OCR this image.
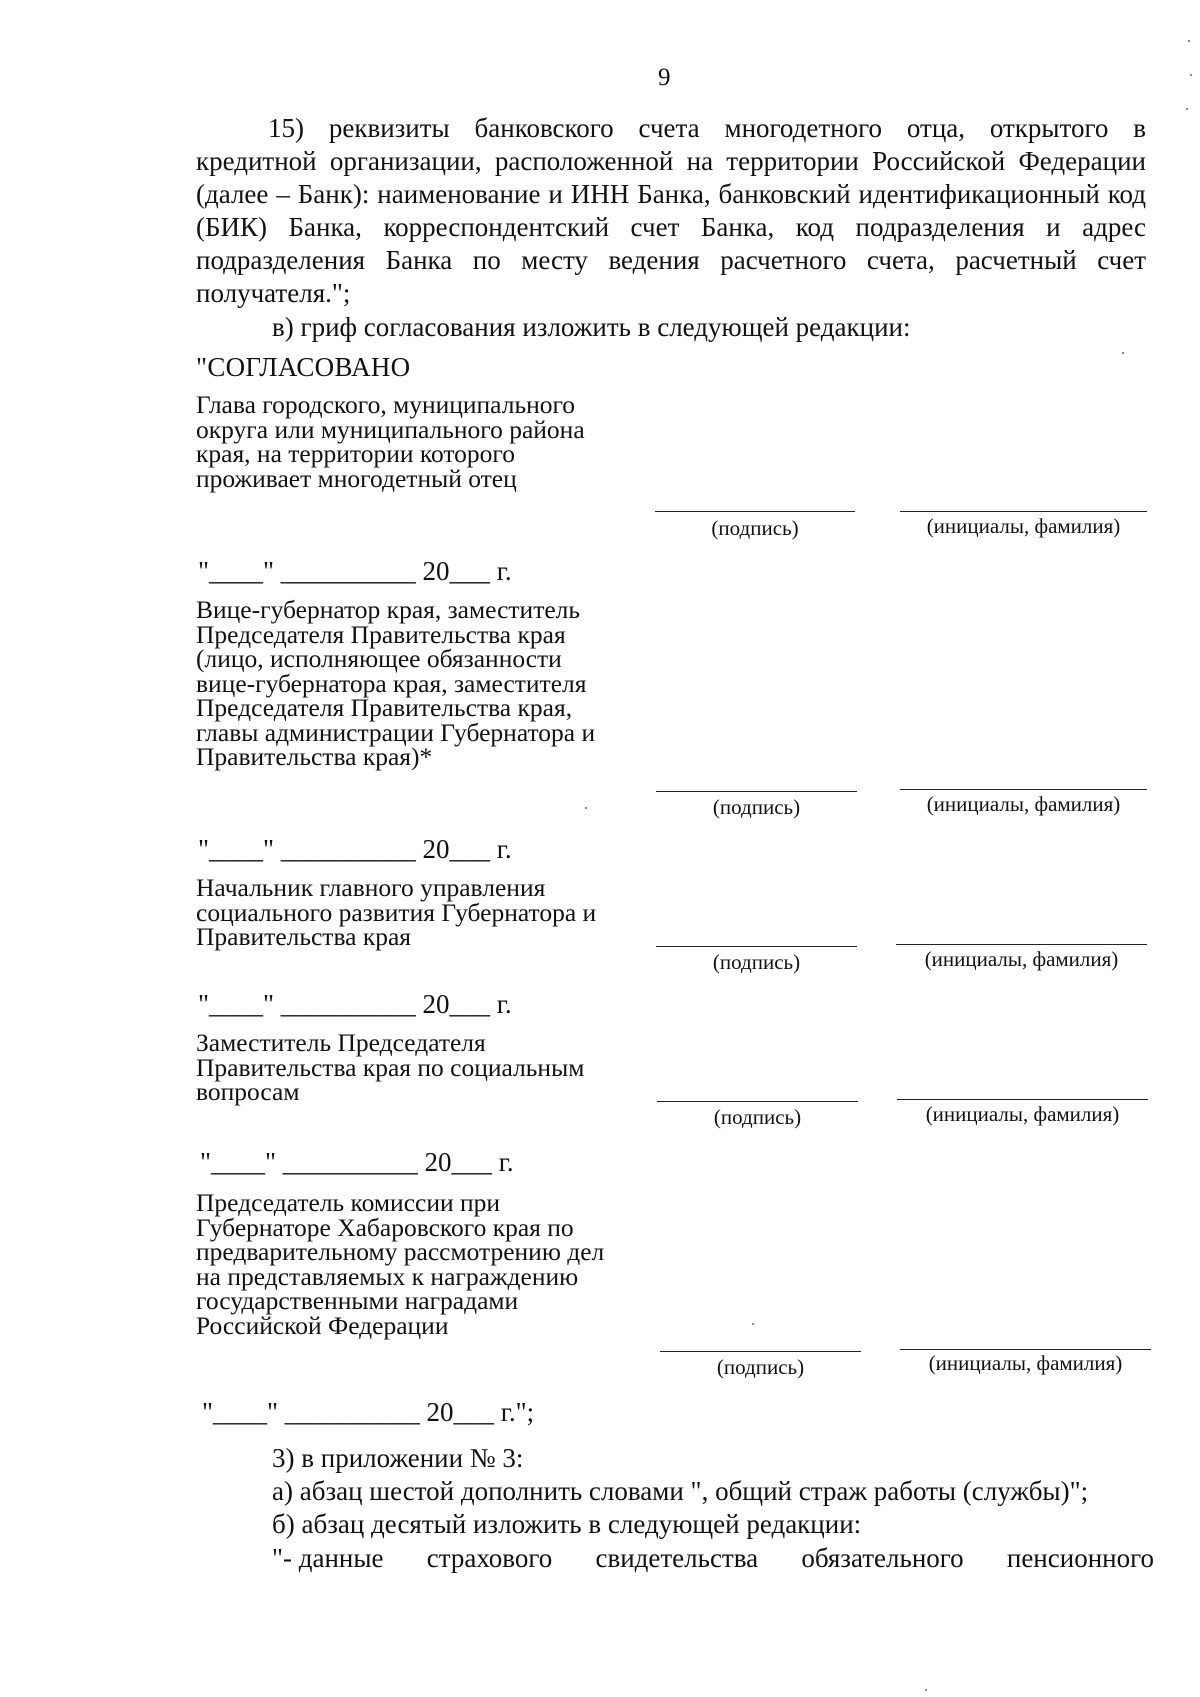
9
15) реквизиты банковского счета многодетного отца, открытого в кредитной организации, расположенной на территории Российской Федерации (далее – Банк): наименование и ИНН Банка, банковский идентификационный код (БИК) Банка, корреспондентский счет Банка, код подразделения и адрес подразделения Банка по месту ведения расчетного счета, расчетный счет получателя.";
в) гриф согласования изложить в следующей редакции:
"СОГЛАСОВАНО
Глава городского, муниципального округа или муниципального района края, на территории которого проживает многодетный отец
(подпись)	(инициалы, фамилия)
"____" __________ 20___ г.
Вице-губернатор края, заместитель Председателя Правительства края (лицо, исполняющее обязанности вице-губернатора края, заместителя Председателя Правительства края, главы администрации Губернатора и Правительства края)*
(подпись)	(инициалы, фамилия)
"____" __________ 20___ г.
Начальник главного управления социального развития Губернатора и Правительства края
(подпись)	(инициалы, фамилия)
"____" __________ 20___ г.
Заместитель Председателя Правительства края по социальным вопросам
(подпись)	(инициалы, фамилия)
"____" __________ 20___ г.
Председатель комиссии при Губернаторе Хабаровского края по предварительному рассмотрению дел на представляемых к награждению государственными наградами Российской Федерации
(подпись)	(инициалы, фамилия)
"____" __________ 20___ г.";
3) в приложении № 3:
а) абзац шестой дополнить словами ", общий страж работы (службы)";
б) абзац десятый изложить в следующей редакции:
"- данные страхового свидетельства обязательного пенсионного
